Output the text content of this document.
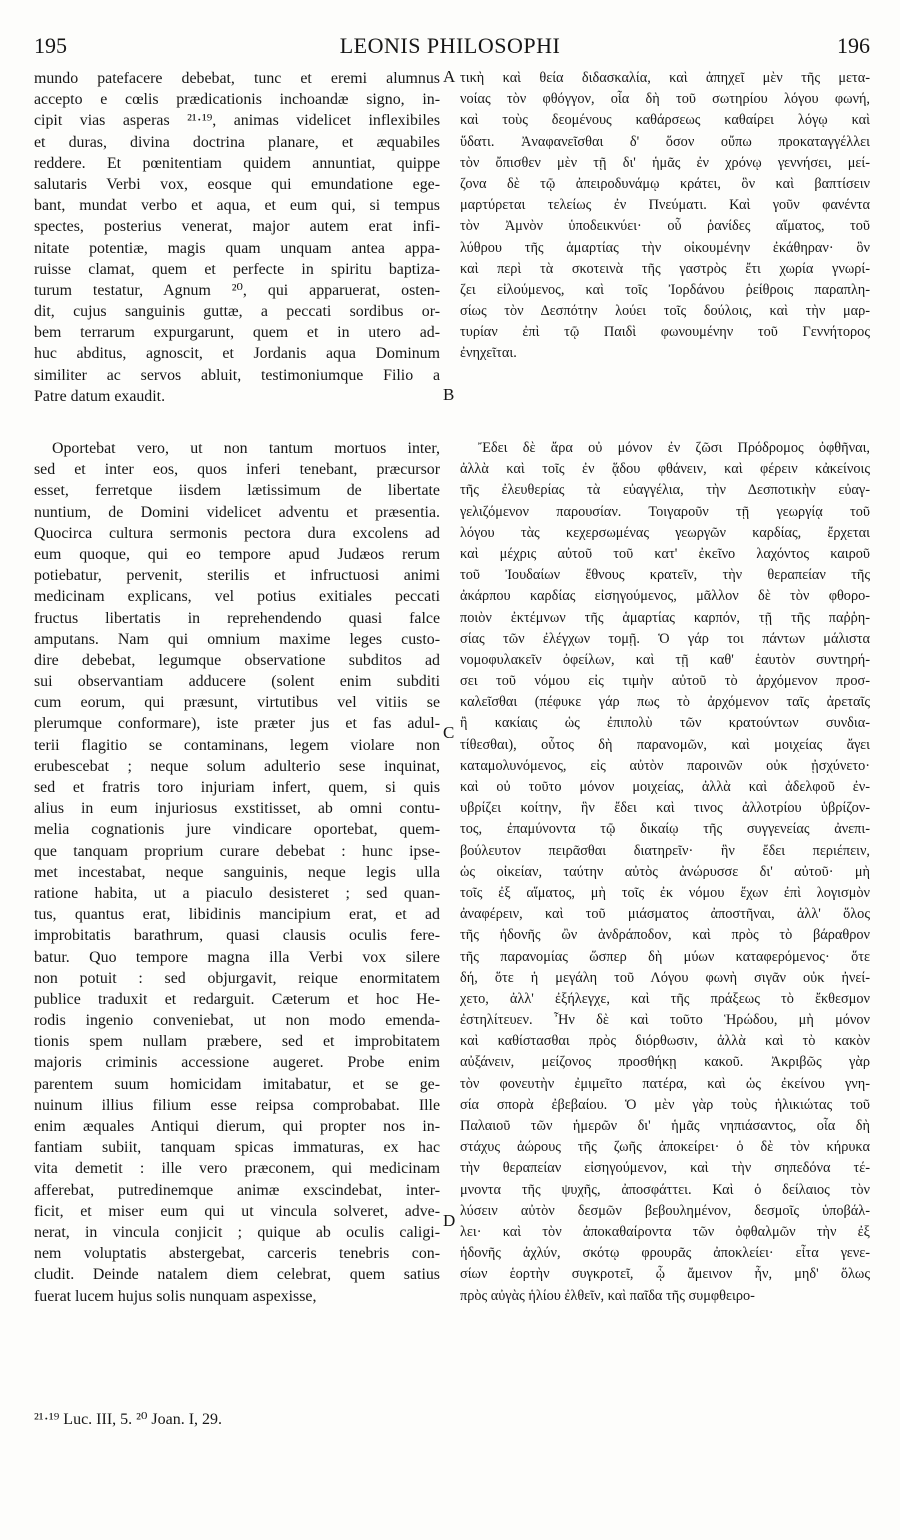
195	LEONIS PHILOSOPHI	196
mundo patefacere debebat, tunc et eremi alumnus
accepto e cœlis prædicationis inchoandæ signo, in-
cipit vias asperas ²¹·¹⁹, animas videlicet inflexibiles
et duras, divina doctrina planare, et æquabiles
reddere. Et pœnitentiam quidem annuntiat, quippe
salutaris Verbi vox, eosque qui emundatione ege-
bant, mundat verbo et aqua, et eum qui, si tempus
spectes, posterius venerat, major autem erat infi-
nitate potentiæ, magis quam unquam antea appa-
ruisse clamat, quem et perfecte in spiritu baptiza-
turum testatur, Agnum ²⁰, qui apparuerat, osten-
dit, cujus sanguinis guttæ, a peccati sordibus or-
bem terrarum expurgarunt, quem et in utero ad-
huc abditus, agnoscit, et Jordanis aqua Dominum
similiter ac servos abluit, testimoniumque Filio a
Patre datum exaudit.
Oportebat vero, ut non tantum mortuos inter,
sed et inter eos, quos inferi tenebant, præcursor
esset, ferretque iisdem lætissimum de libertate
nuntium, de Domini videlicet adventu et præsentia.
Quocirca cultura sermonis pectora dura excolens ad
eum quoque, qui eo tempore apud Judæos rerum
potiebatur, pervenit, sterilis et infructuosi animi
medicinam explicans, vel potius exitiales peccati
fructus libertatis in reprehendendo quasi falce
amputans. Nam qui omnium maxime leges custo-
dire debebat, legumque observatione subditos ad
sui observantiam adducere (solent enim subditi
cum eorum, qui præsunt, virtutibus vel vitiis se
plerumque conformare), iste præter jus et fas adul-
terii flagitio se contaminans, legem violare non
erubescebat ; neque solum adulterio sese inquinat,
sed et fratris toro injuriam infert, quem, si quis
alius in eum injuriosus exstitisset, ab omni contu-
melia cognationis jure vindicare oportebat, quem-
que tanquam proprium curare debebat : hunc ipse-
met incestabat, neque sanguinis, neque legis ulla
ratione habita, ut a piaculo desisteret ; sed quan-
tus, quantus erat, libidinis mancipium erat, et ad
improbitatis barathrum, quasi clausis oculis fere-
batur. Quo tempore magna illa Verbi vox silere
non potuit : sed objurgavit, reique enormitatem
publice traduxit et redarguit. Cæterum et hoc He-
rodis ingenio conveniebat, ut non modo emenda-
tionis spem nullam præbere, sed et improbitatem
majoris criminis accessione augeret. Probe enim
parentem suum homicidam imitabatur, et se ge-
nuinum illius filium esse reipsa comprobabat. Ille
enim æquales Antiqui dierum, qui propter nos in-
fantiam subiit, tanquam spicas immaturas, ex hac
vita demetit : ille vero præconem, qui medicinam
afferebat, putredinemque animæ exscindebat, inter-
ficit, et miser eum qui ut vincula solveret, adve-
nerat, in vincula conjicit ; quique ab oculis caligi-
nem voluptatis abstergebat, carceris tenebris con-
cludit. Deinde natalem diem celebrat, quem satius
fuerat lucem hujus solis nunquam aspexisse,
τικὴ καὶ θεία διδασκαλία, καὶ ἀπηχεῖ μὲν τῆς μετα-
νοίας τὸν φθόγγον, οἷα δὴ τοῦ σωτηρίου λόγου φωνή,
καὶ τοὺς δεομένους καθάρσεως καθαίρει λόγῳ καὶ
ὕδατι. Ἀναφανεῖσθαι δ' ὅσον οὔπω προκαταγγέλλει
τὸν ὄπισθεν μὲν τῇ δι' ἡμᾶς ἐν χρόνῳ γεννήσει, μεί-
ζονα δὲ τῷ ἀπειροδυνάμῳ κράτει, ὃν καὶ βαπτίσειν
μαρτύρεται τελείως ἐν Πνεύματι. Καὶ γοῦν φανέντα
τὸν Ἀμνὸν ὑποδεικνύει· οὗ ῥανίδες αἵματος, τοῦ
λύθρου τῆς ἁμαρτίας τὴν οἰκουμένην ἐκάθηραν· ὃν
καὶ περὶ τὰ σκοτεινὰ τῆς γαστρὸς ἔτι χωρία γνωρί-
ζει εἰλούμενος, καὶ τοῖς Ἰορδάνου ῥείθροις παραπλη-
σίως τὸν Δεσπότην λούει τοῖς δούλοις, καὶ τὴν μαρ-
τυρίαν ἐπὶ τῷ Παιδὶ φωνουμένην τοῦ Γεννήτορος
ἐνηχεῖται.
Ἔδει δὲ ἄρα οὐ μόνον ἐν ζῶσι Πρόδρομος ὀφθῆναι,
ἀλλὰ καὶ τοῖς ἐν ᾅδου φθάνειν, καὶ φέρειν κἀκείνοις
τῆς ἐλευθερίας τὰ εὐαγγέλια, τὴν Δεσποτικὴν εὐαγ-
γελιζόμενον παρουσίαν. Τοιγαροῦν τῇ γεωργίᾳ τοῦ
λόγου τὰς κεχερσωμένας γεωργῶν καρδίας, ἔρχεται
καὶ μέχρις αὐτοῦ τοῦ κατ' ἐκεῖνο λαχόντος καιροῦ
τοῦ Ἰουδαίων ἔθνους κρατεῖν, τὴν θεραπείαν τῆς
ἀκάρπου καρδίας εἰσηγούμενος, μᾶλλον δὲ τὸν φθορο-
ποιὸν ἐκτέμνων τῆς ἁμαρτίας καρπόν, τῇ τῆς παῤῥη-
σίας τῶν ἐλέγχων τομῇ. Ὁ γάρ τοι πάντων μάλιστα
νομοφυλακεῖν ὀφείλων, καὶ τῇ καθ' ἑαυτὸν συντηρή-
σει τοῦ νόμου εἰς τιμὴν αὐτοῦ τὸ ἀρχόμενον προσ-
καλεῖσθαι (πέφυκε γάρ πως τὸ ἀρχόμενον ταῖς ἀρεταῖς
ἢ κακίαις ὡς ἐπιπολὺ τῶν κρατούντων συνδια-
τίθεσθαι), οὗτος δὴ παρανομῶν, καὶ μοιχείας ἄγει
καταμολυνόμενος, εἰς αὐτὸν παροινῶν οὐκ ᾐσχύνετο·
καὶ οὐ τοῦτο μόνον μοιχείας, ἀλλὰ καὶ ἀδελφοῦ ἐν-
υβρίζει κοίτην, ἣν ἔδει καὶ τινος ἀλλοτρίου ὑβρίζον-
τος, ἐπαμύνοντα τῷ δικαίῳ τῆς συγγενείας ἀνεπι-
βούλευτον πειρᾶσθαι διατηρεῖν· ἣν ἔδει περιέπειν,
ὡς οἰκείαν, ταύτην αὐτὸς ἀνώρυσσε δι' αὐτοῦ· μὴ
τοῖς ἐξ αἵματος, μὴ τοῖς ἐκ νόμου ἔχων ἐπὶ λογισμὸν
ἀναφέρειν, καὶ τοῦ μιάσματος ἀποστῆναι, ἀλλ' ὅλος
τῆς ἡδονῆς ὢν ἀνδράποδον, καὶ πρὸς τὸ βάραθρον
τῆς παρανομίας ὥσπερ δὴ μύων καταφερόμενος· ὅτε
δή, ὅτε ἡ μεγάλη τοῦ Λόγου φωνὴ σιγᾶν οὐκ ἠνεί-
χετο, ἀλλ' ἐξήλεγχε, καὶ τῆς πράξεως τὸ ἔκθεσμον
ἐστηλίτευεν. Ἦν δὲ καὶ τοῦτο Ἡρώδου, μὴ μόνον
καὶ καθίστασθαι πρὸς διόρθωσιν, ἀλλὰ καὶ τὸ κακὸν
αὐξάνειν, μείζονος προσθήκῃ κακοῦ. Ἀκριβῶς γὰρ
τὸν φονευτὴν ἐμιμεῖτο πατέρα, καὶ ὡς ἐκείνου γνη-
σία σπορὰ ἐβεβαίου. Ὁ μὲν γὰρ τοὺς ἡλικιώτας τοῦ
Παλαιοῦ τῶν ἡμερῶν δι' ἡμᾶς νηπιάσαντος, οἷα δὴ
στάχυς ἀώρους τῆς ζωῆς ἀποκείρει· ὁ δὲ τὸν κήρυκα
τὴν θεραπείαν εἰσηγούμενον, καὶ τὴν σηπεδόνα τέ-
μνοντα τῆς ψυχῆς, ἀποσφάττει. Καὶ ὁ δείλαιος τὸν
λύσειν αὐτὸν δεσμῶν βεβουλημένον, δεσμοῖς ὑποβάλ-
λει· καὶ τὸν ἀποκαθαίροντα τῶν ὀφθαλμῶν τὴν ἐξ
ἡδονῆς ἀχλύν, σκότῳ φρουρᾶς ἀποκλείει· εἶτα γενε-
σίων ἑορτὴν συγκροτεῖ, ᾧ ἄμεινον ἦν, μηδ' ὅλως
πρὸς αὐγὰς ἡλίου ἐλθεῖν, καὶ παῖδα τῆς συμφθειρο-
A
B
C
D
²¹·¹⁹ Luc. III, 5. ²⁰ Joan. I, 29.
